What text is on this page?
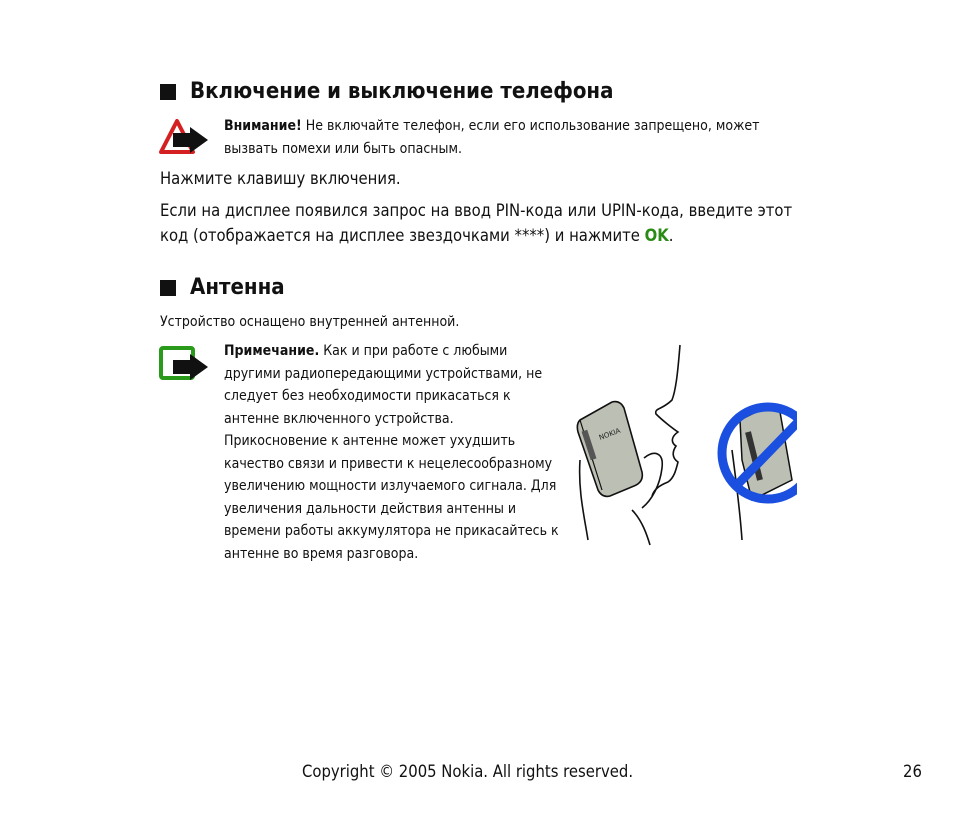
Включение и выключение телефона
Внимание! Не включайте телефон, если его использование запрещено, может вызвать помехи или быть опасным.
Нажмите клавишу включения.
Если на дисплее появился запрос на ввод PIN-кода или UPIN-кода, введите этот код (отображается на дисплее звездочками ****) и нажмите OK.
Антенна
Устройство оснащено внутренней антенной.
Примечание. Как и при работе с любыми другими радиопередающими устройствами, не следует без необходимости прикасаться к антенне включенного устройства. Прикосновение к антенне может ухудшить качество связи и привести к нецелесообразному увеличению мощности излучаемого сигнала. Для увеличения дальности действия антенны и времени работы аккумулятора не прикасайтесь к антенне во время разговора.
NOKIA
Copyright © 2005 Nokia. All rights reserved.	26
